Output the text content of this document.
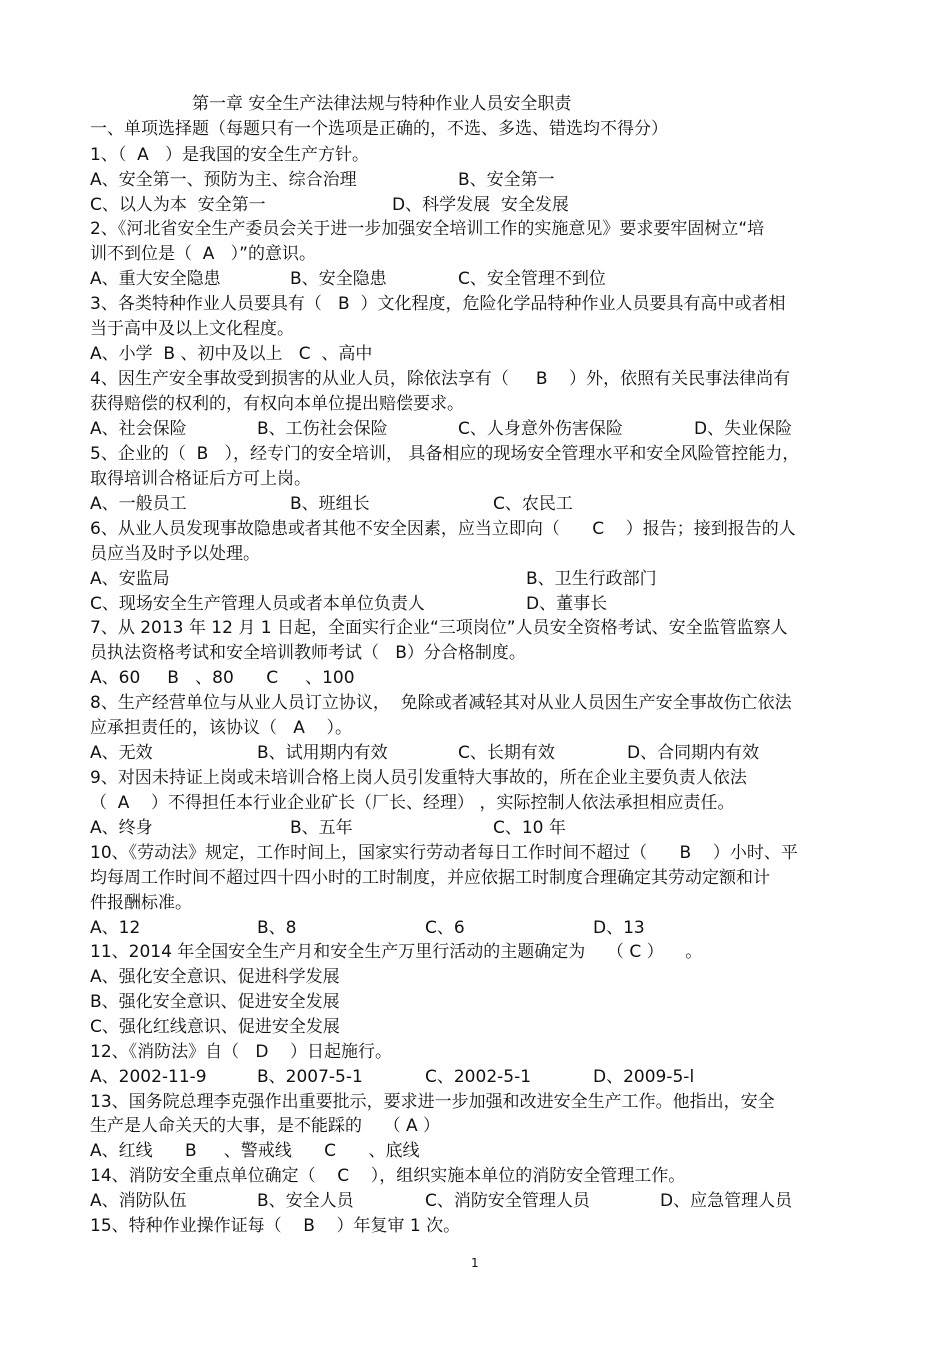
第一章 安全生产法律法规与特种作业人员安全职责
一、单项选择题（每题只有一个选项是正确的，不选、多选、错选均不得分）
1、（  A   ）是我国的安全生产方针。
A、安全第一、预防为主、综合治理	B、安全第一
C、以人为本  安全第一	D、科学发展  安全发展
2、《河北省安全生产委员会关于进一步加强安全培训工作的实施意见》要求要牢固树立“培
训不到位是（  A   ）”的意识。
A、重大安全隐患	B、安全隐患	C、安全管理不到位
3、各类特种作业人员要具有（   B  ）文化程度，危险化学品特种作业人员要具有高中或者相
当于高中及以上文化程度。
A、小学  B 、初中及以上   C  、高中
4、因生产安全事故受到损害的从业人员，除依法享有（     B    ）外，依照有关民事法律尚有
获得赔偿的权利的，有权向本单位提出赔偿要求。
A、社会保险	B、工伤社会保险	C、人身意外伤害保险	D、失业保险
5、企业的（  B   ），经专门的安全培训， 具备相应的现场安全管理水平和安全风险管控能力，
取得培训合格证后方可上岗。
A、一般员工	B、班组长	C、农民工
6、从业人员发现事故隐患或者其他不安全因素，应当立即向（      C    ）报告；接到报告的人
员应当及时予以处理。
A、安监局	B、卫生行政部门
C、现场安全生产管理人员或者本单位负责人	D、董事长
7、从 2013 年 12 月 1 日起，全面实行企业“三项岗位”人员安全资格考试、安全监管监察人
员执法资格考试和安全培训教师考试（   B）分合格制度。
A、60     B   、80      C     、100
8、生产经营单位与从业人员订立协议，  免除或者减轻其对从业人员因生产安全事故伤亡依法
应承担责任的，该协议（   A    ）。
A、无效	B、试用期内有效	C、长期有效	D、合同期内有效
9、对因未持证上岗或未培训合格上岗人员引发重特大事故的，所在企业主要负责人依法
（  A    ）不得担任本行业企业矿长（厂长、经理） ，实际控制人依法承担相应责任。
A、终身	B、五年	C、10 年
10、《劳动法》规定，工作时间上，国家实行劳动者每日工作时间不超过（      B    ）小时、平
均每周工作时间不超过四十四小时的工时制度，并应依据工时制度合理确定其劳动定额和计
件报酬标准。
A、12	B、8	C、6	D、13
11、2014 年全国安全生产月和安全生产万里行活动的主题确定为    （ C ）    。
A、强化安全意识、促进科学发展
B、强化安全意识、促进安全发展
C、强化红线意识、促进安全发展
12、《消防法》自（   D    ）日起施行。
A、2002-11-9	B、2007-5-1	C、2002-5-1	D、2009-5-l
13、国务院总理李克强作出重要批示，要求进一步加强和改进安全生产工作。他指出，安全
生产是人命关天的大事，是不能踩的    （ A ）
A、红线      B     、警戒线      C      、底线
14、消防安全重点单位确定（    C    ），组织实施本单位的消防安全管理工作。
A、消防队伍	B、安全人员	C、消防安全管理人员	D、应急管理人员
15、特种作业操作证每（    B    ）年复审 1 次。
1
